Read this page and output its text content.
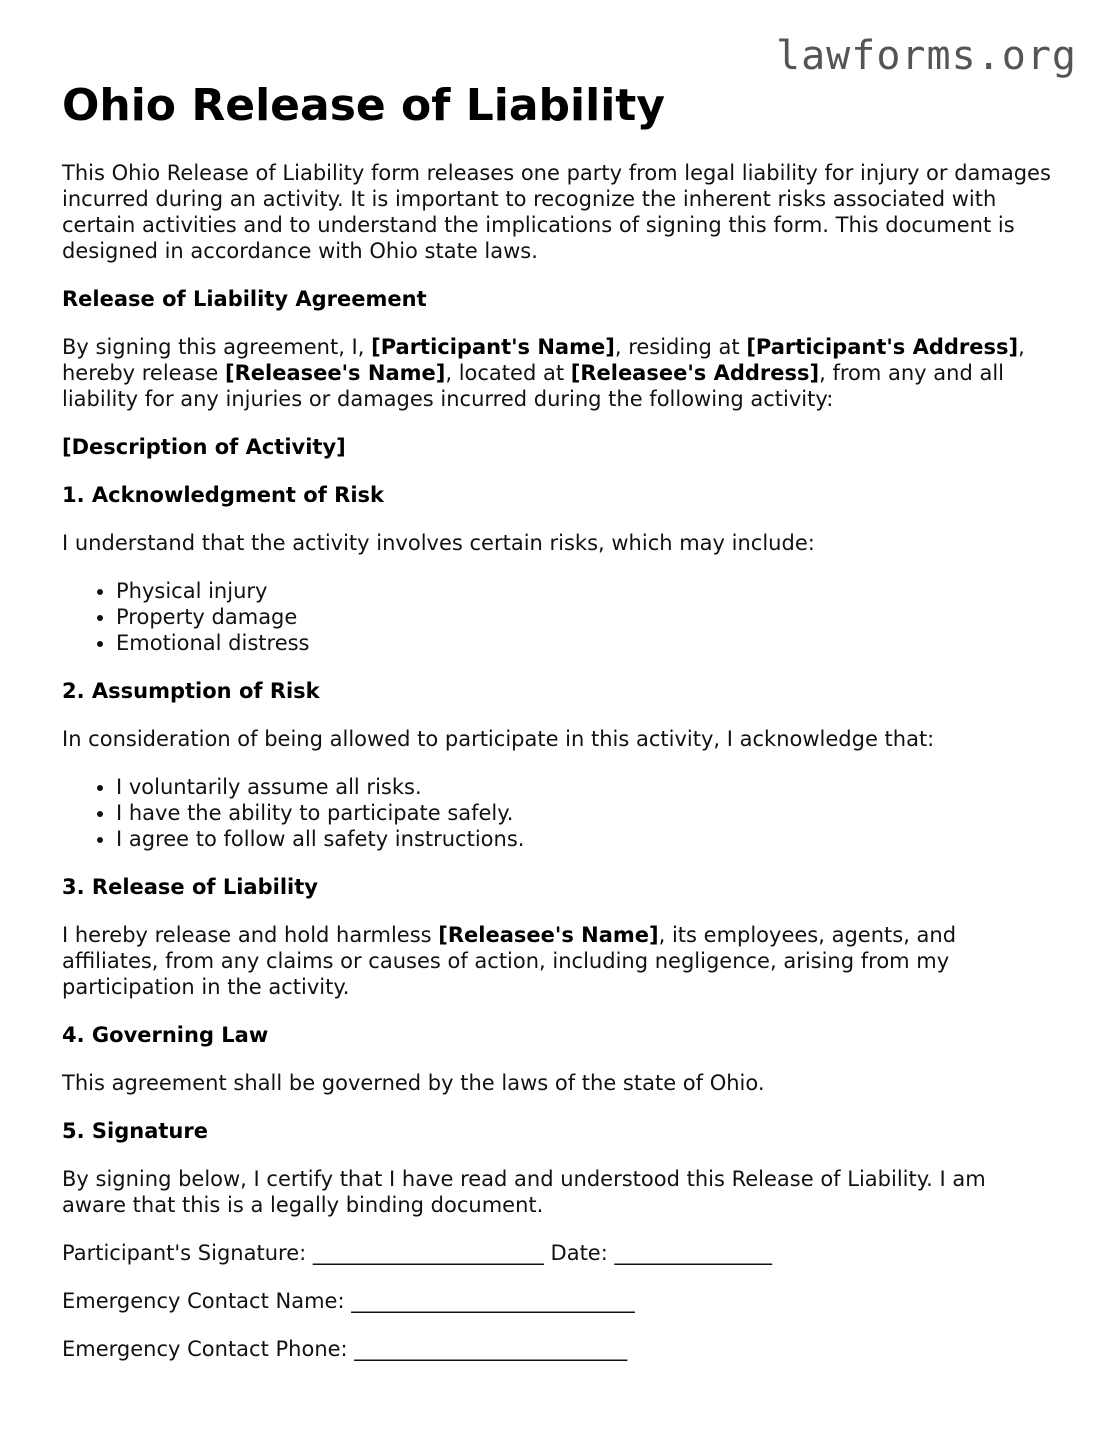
lawforms.org
Ohio Release of Liability

This Ohio Release of Liability form releases one party from legal liability for injury or damages incurred during an activity. It is important to recognize the inherent risks associated with certain activities and to understand the implications of signing this form. This document is designed in accordance with Ohio state laws.

Release of Liability Agreement

By signing this agreement, I, [Participant's Name], residing at [Participant's Address], hereby release [Releasee's Name], located at [Releasee's Address], from any and all liability for any injuries or damages incurred during the following activity:

[Description of Activity]
1. Acknowledgment of Risk

I understand that the activity involves certain risks, which may include:

• Physical injury
• Property damage
• Emotional distress
2. Assumption of Risk

In consideration of being allowed to participate in this activity, I acknowledge that:

• I voluntarily assume all risks.
• I have the ability to participate safely.
• I agree to follow all safety instructions.
3. Release of Liability

I hereby release and hold harmless [Releasee's Name], its employees, agents, and affiliates, from any claims or causes of action, including negligence, arising from my participation in the activity.

4. Governing Law

This agreement shall be governed by the laws of the state of Ohio.

5. Signature

By signing below, I certify that I have read and understood this Release of Liability. I am aware that this is a legally binding document.

Participant's Signature: ______________________ Date: _______________

Emergency Contact Name: ___________________________

Emergency Contact Phone: __________________________
